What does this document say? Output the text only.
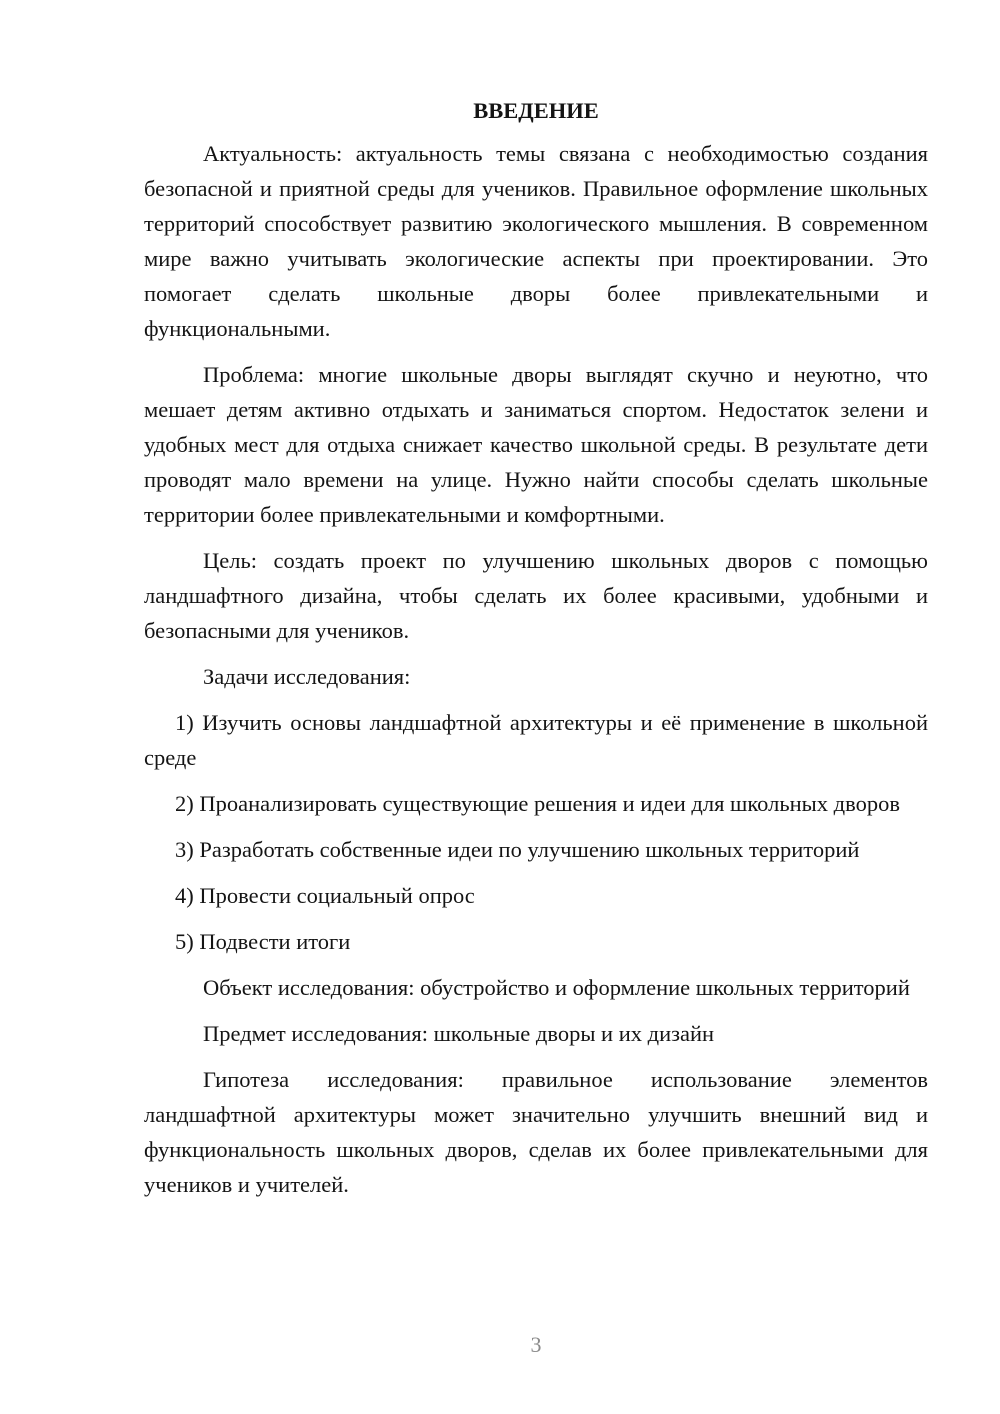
ВВЕДЕНИЕ

Актуальность: актуальность темы связана с необходимостью создания безопасной и приятной среды для учеников. Правильное оформление школьных территорий способствует развитию экологического мышления. В современном мире важно учитывать экологические аспекты при проектировании. Это помогает сделать школьные дворы более привлекательными и функциональными.

Проблема: многие школьные дворы выглядят скучно и неуютно, что мешает детям активно отдыхать и заниматься спортом. Недостаток зелени и удобных мест для отдыха снижает качество школьной среды. В результате дети проводят мало времени на улице. Нужно найти способы сделать школьные территории более привлекательными и комфортными.

Цель: создать проект по улучшению школьных дворов с помощью ландшафтного дизайна, чтобы сделать их более красивыми, удобными и безопасными для учеников.

Задачи исследования:

1) Изучить основы ландшафтной архитектуры и её применение в школьной среде

2) Проанализировать существующие решения и идеи для школьных дворов

3) Разработать собственные идеи по улучшению школьных территорий

4) Провести социальный опрос

5) Подвести итоги

Объект исследования: обустройство и оформление школьных территорий

Предмет исследования: школьные дворы и их дизайн

Гипотеза исследования: правильное использование элементов ландшафтной архитектуры может значительно улучшить внешний вид и функциональность школьных дворов, сделав их более привлекательными для учеников и учителей.

3
